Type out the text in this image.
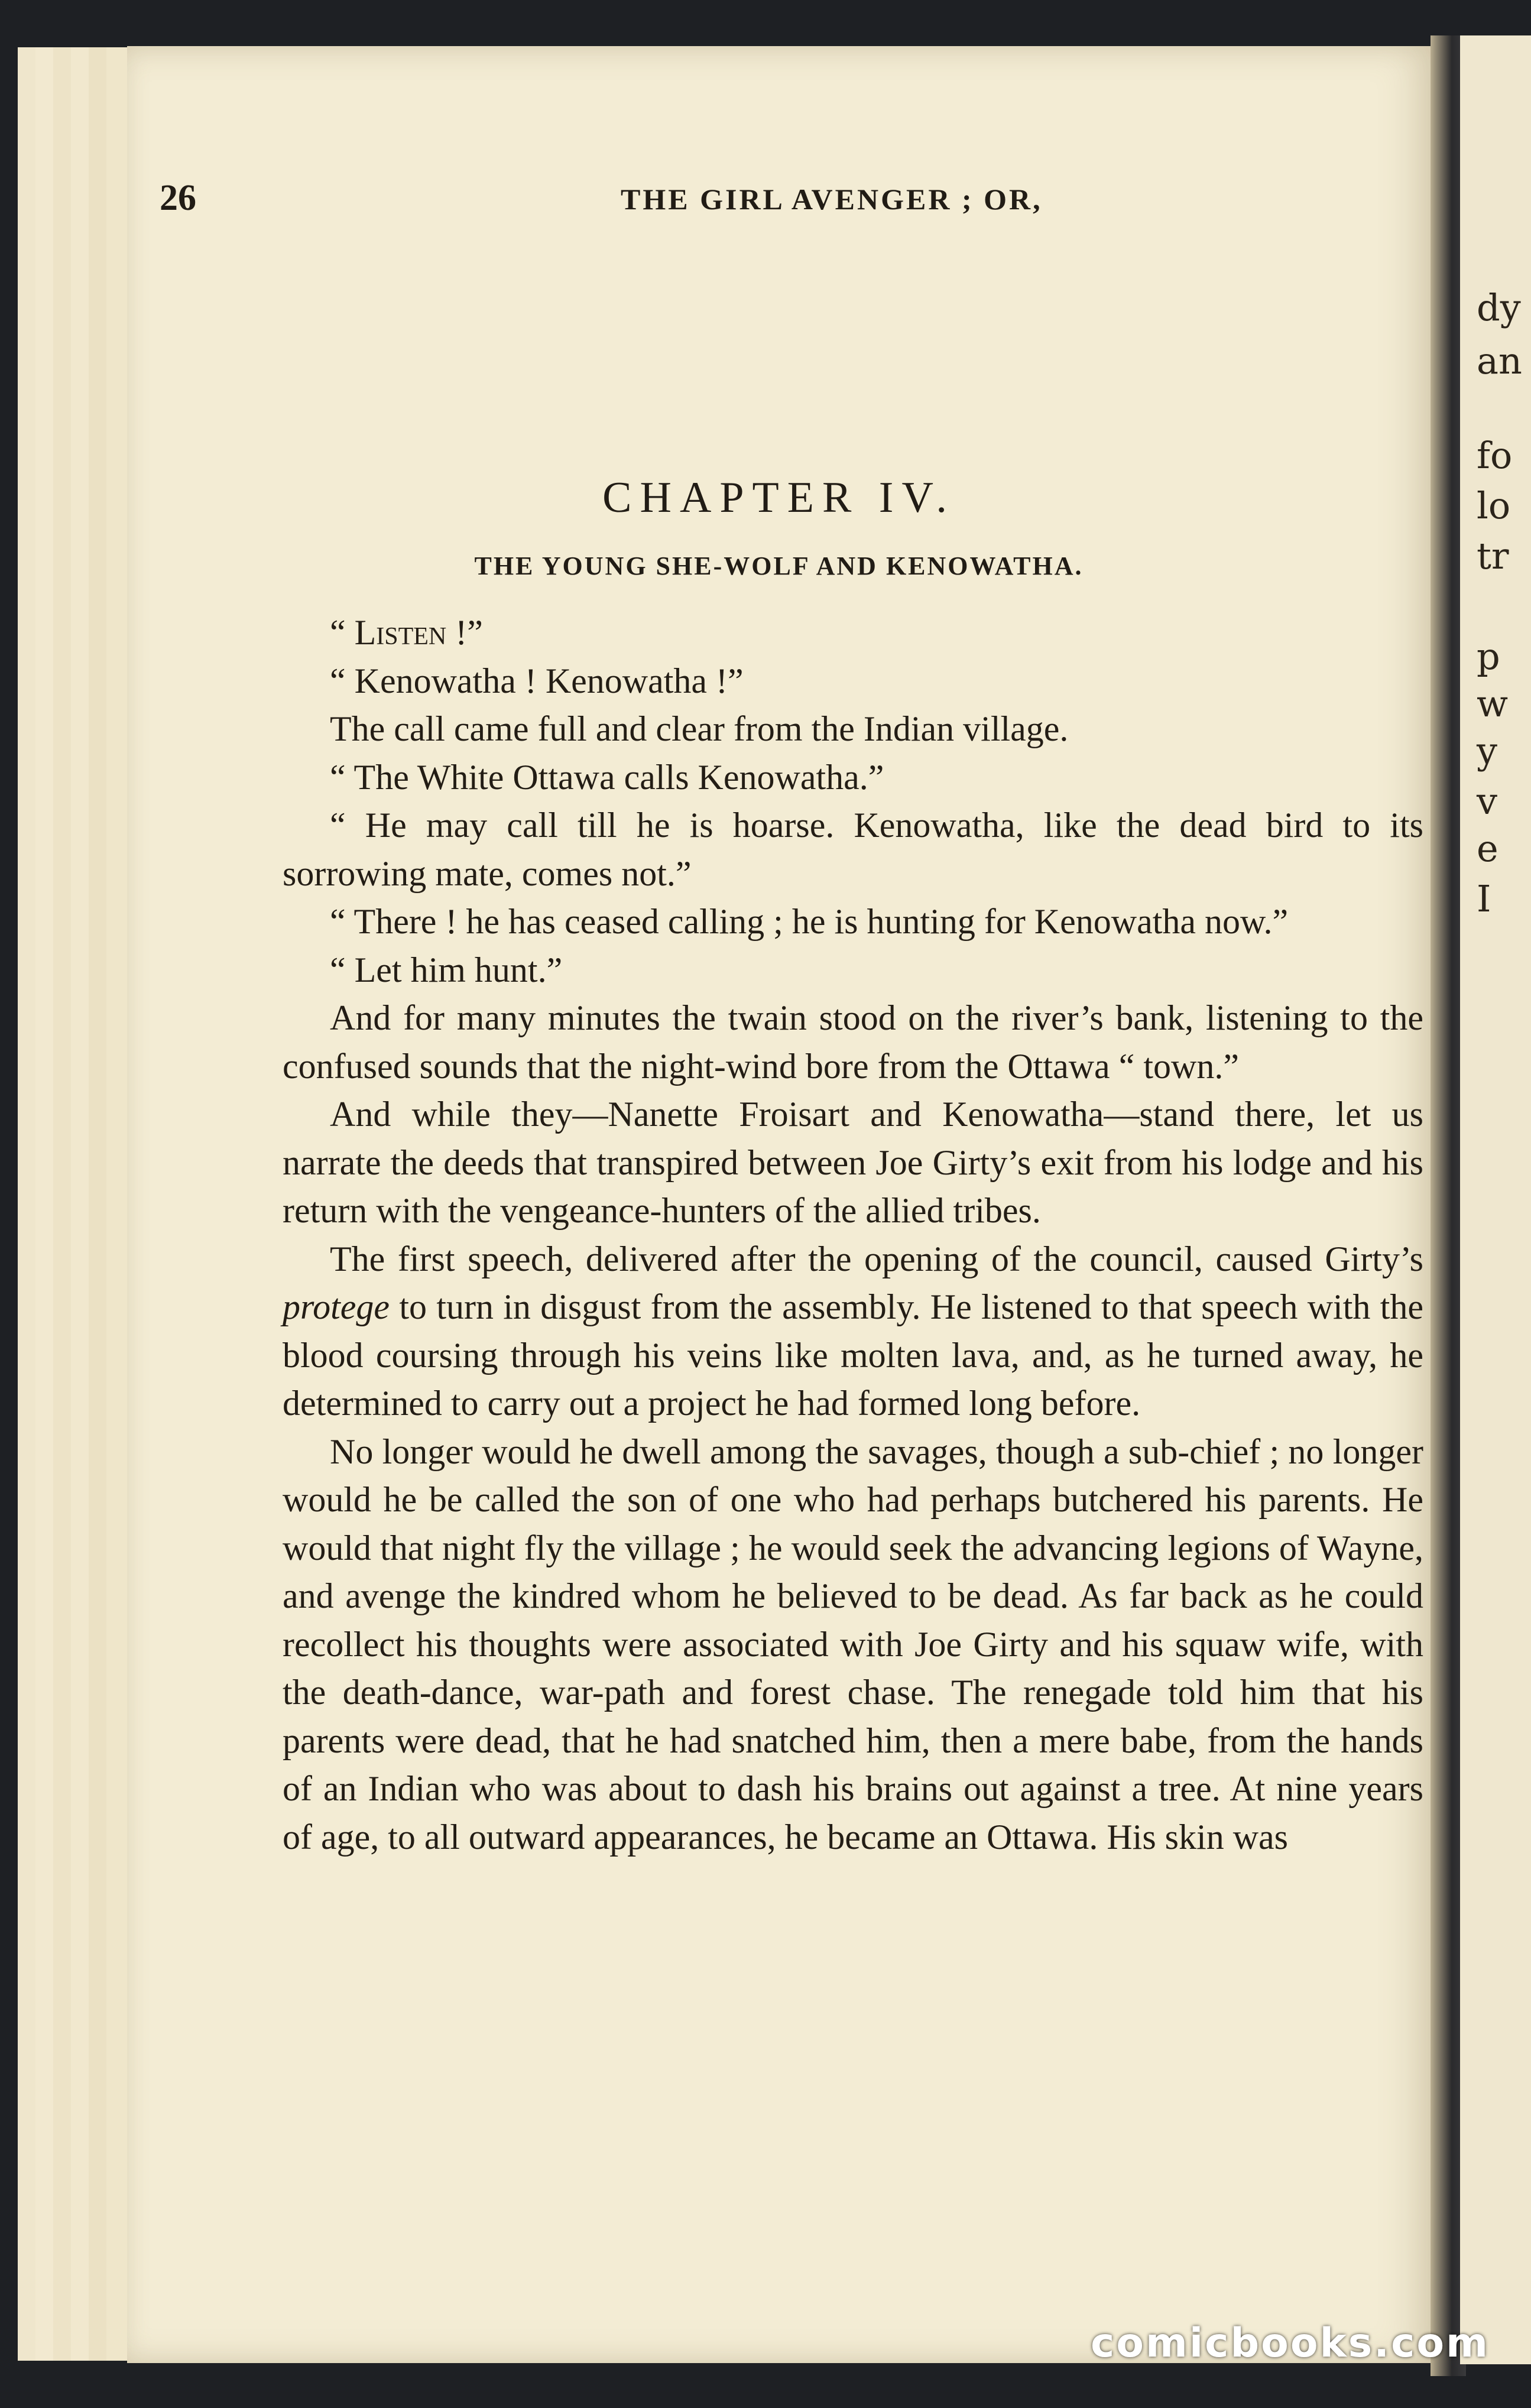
dy
an
fo
lo
tr
p
w
y
v
e
I
26	THE GIRL AVENGER ; OR,
CHAPTER IV.
THE YOUNG SHE-WOLF AND KENOWATHA.

“ Listen !”

“ Kenowatha ! Kenowatha !”

The call came full and clear from the Indian village.

“ The White Ottawa calls Kenowatha.”

“ He may call till he is hoarse. Kenowatha, like the dead bird to its sorrowing mate, comes not.”

“ There ! he has ceased calling ; he is hunting for Kenowatha now.”

“ Let him hunt.”

And for many minutes the twain stood on the river’s bank, listening to the confused sounds that the night-wind bore from the Ottawa “ town.”

And while they—Nanette Froisart and Kenowatha—stand there, let us narrate the deeds that transpired between Joe Girty’s exit from his lodge and his return with the vengeance-hunters of the allied tribes.

The first speech, delivered after the opening of the council, caused Girty’s protege to turn in disgust from the assembly. He listened to that speech with the blood coursing through his veins like molten lava, and, as he turned away, he determined to carry out a project he had formed long before.

No longer would he dwell among the savages, though a sub-chief ; no longer would he be called the son of one who had perhaps butchered his parents. He would that night fly the village ; he would seek the advancing legions of Wayne, and avenge the kindred whom he believed to be dead. As far back as he could recollect his thoughts were associated with Joe Girty and his squaw wife, with the death-dance, war-path and forest chase. The renegade told him that his parents were dead, that he had snatched him, then a mere babe, from the hands of an Indian who was about to dash his brains out against a tree. At nine years of age, to all outward appearances, he became an Ottawa. His skin was

comicbooks.com
